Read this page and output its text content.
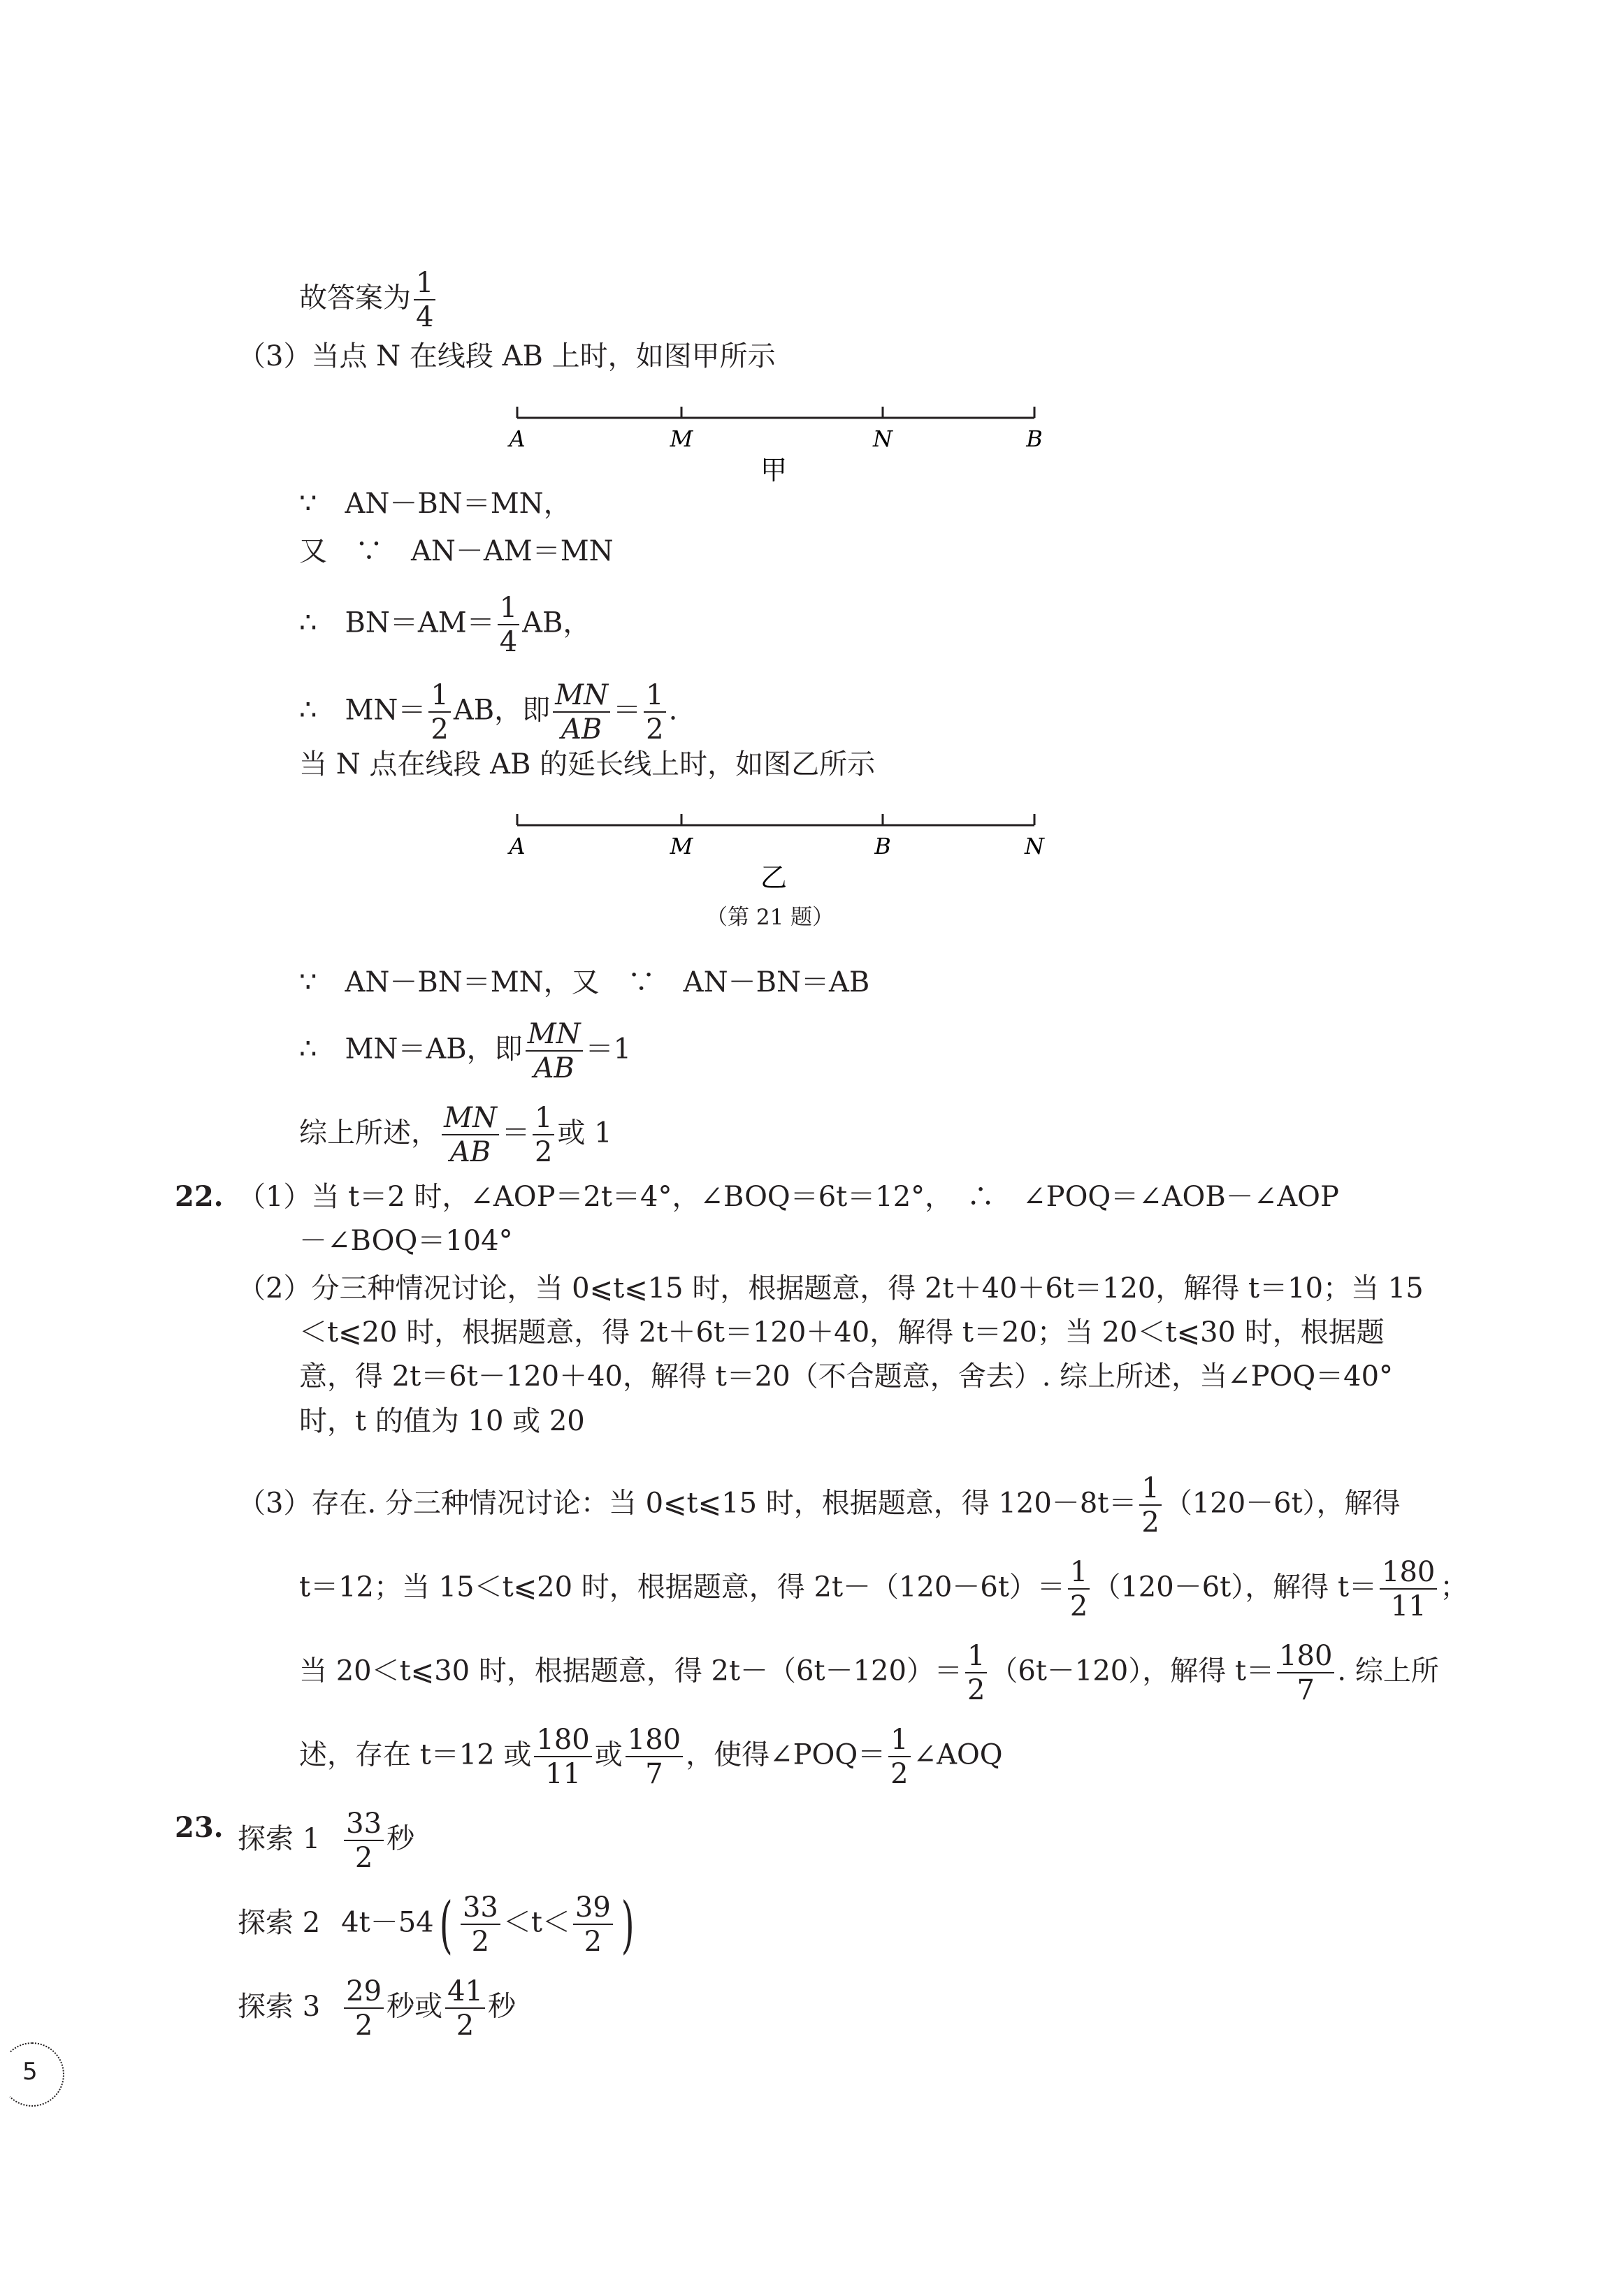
故答案为 $\frac{1}{4}$
（3）当点 N 在线段 AB 上时，如图甲所示
A	M	N	B
甲
∵　AN－BN＝MN，
又　∵　AN－AM＝MN
∴　$BN=AM= \frac{1}{4}$ AB，
∴　$MN= \frac{1}{2}$ AB，即 $\frac{MN}{AB} = \frac{1}{2}$ .
当 N 点在线段 AB 的延长线上时，如图乙所示
A	M	B	N
乙
（第 21 题）
∵　AN－BN＝MN，又　∵　AN－BN＝AB
∴　MN＝AB，即 $\frac{MN}{AB} =1$
综上所述， $\frac{MN}{AB} = \frac{1}{2}$ 或 1
22. （1）当 t＝2 时，∠AOP＝2t＝4°，∠BOQ＝6t＝12°，　∴　∠POQ＝∠AOB－∠AOP
－∠BOQ＝104°
（2）分三种情况讨论，当 0⩽t⩽15 时，根据题意，得 2t＋40＋6t＝120，解得 t＝10；当 15
＜t⩽20 时，根据题意，得 2t＋6t＝120＋40，解得 t＝20；当 20＜t⩽30 时，根据题
意，得 2t＝6t－120＋40，解得 t＝20（不合题意，舍去）. 综上所述，当∠POQ＝40°
时，t 的值为 10 或 20
（3）存在. 分三种情况讨论：当 0⩽t⩽15 时，根据题意，得 $120-8t= \frac{1}{2} (120-6t)$，解得
t＝12；当 15＜t⩽20 时，根据题意，得 $2t-(120-6t)= \frac{1}{2} (120-6t)$，解得 $t= \frac{180}{11}$ ；
当 20＜t⩽30 时，根据题意，得 $2t-(6t-120)= \frac{1}{2} (6t-120)$，解得 $t= \frac{180}{7}$ . 综上所
述，存在 t＝12 或 $\frac{180}{11}$ 或 $\frac{180}{7}$ ，使得∠POQ＝ $\frac{1}{2}$ ∠AOQ
23. 探索 $1 \frac{33}{2}$ 秒
探索 2 $4t-54( \frac{33}{2} <t< \frac{39}{2}$ )
探索 $3 \frac{29}{2}$ 秒或 $\frac{41}{2}$ 秒
5
